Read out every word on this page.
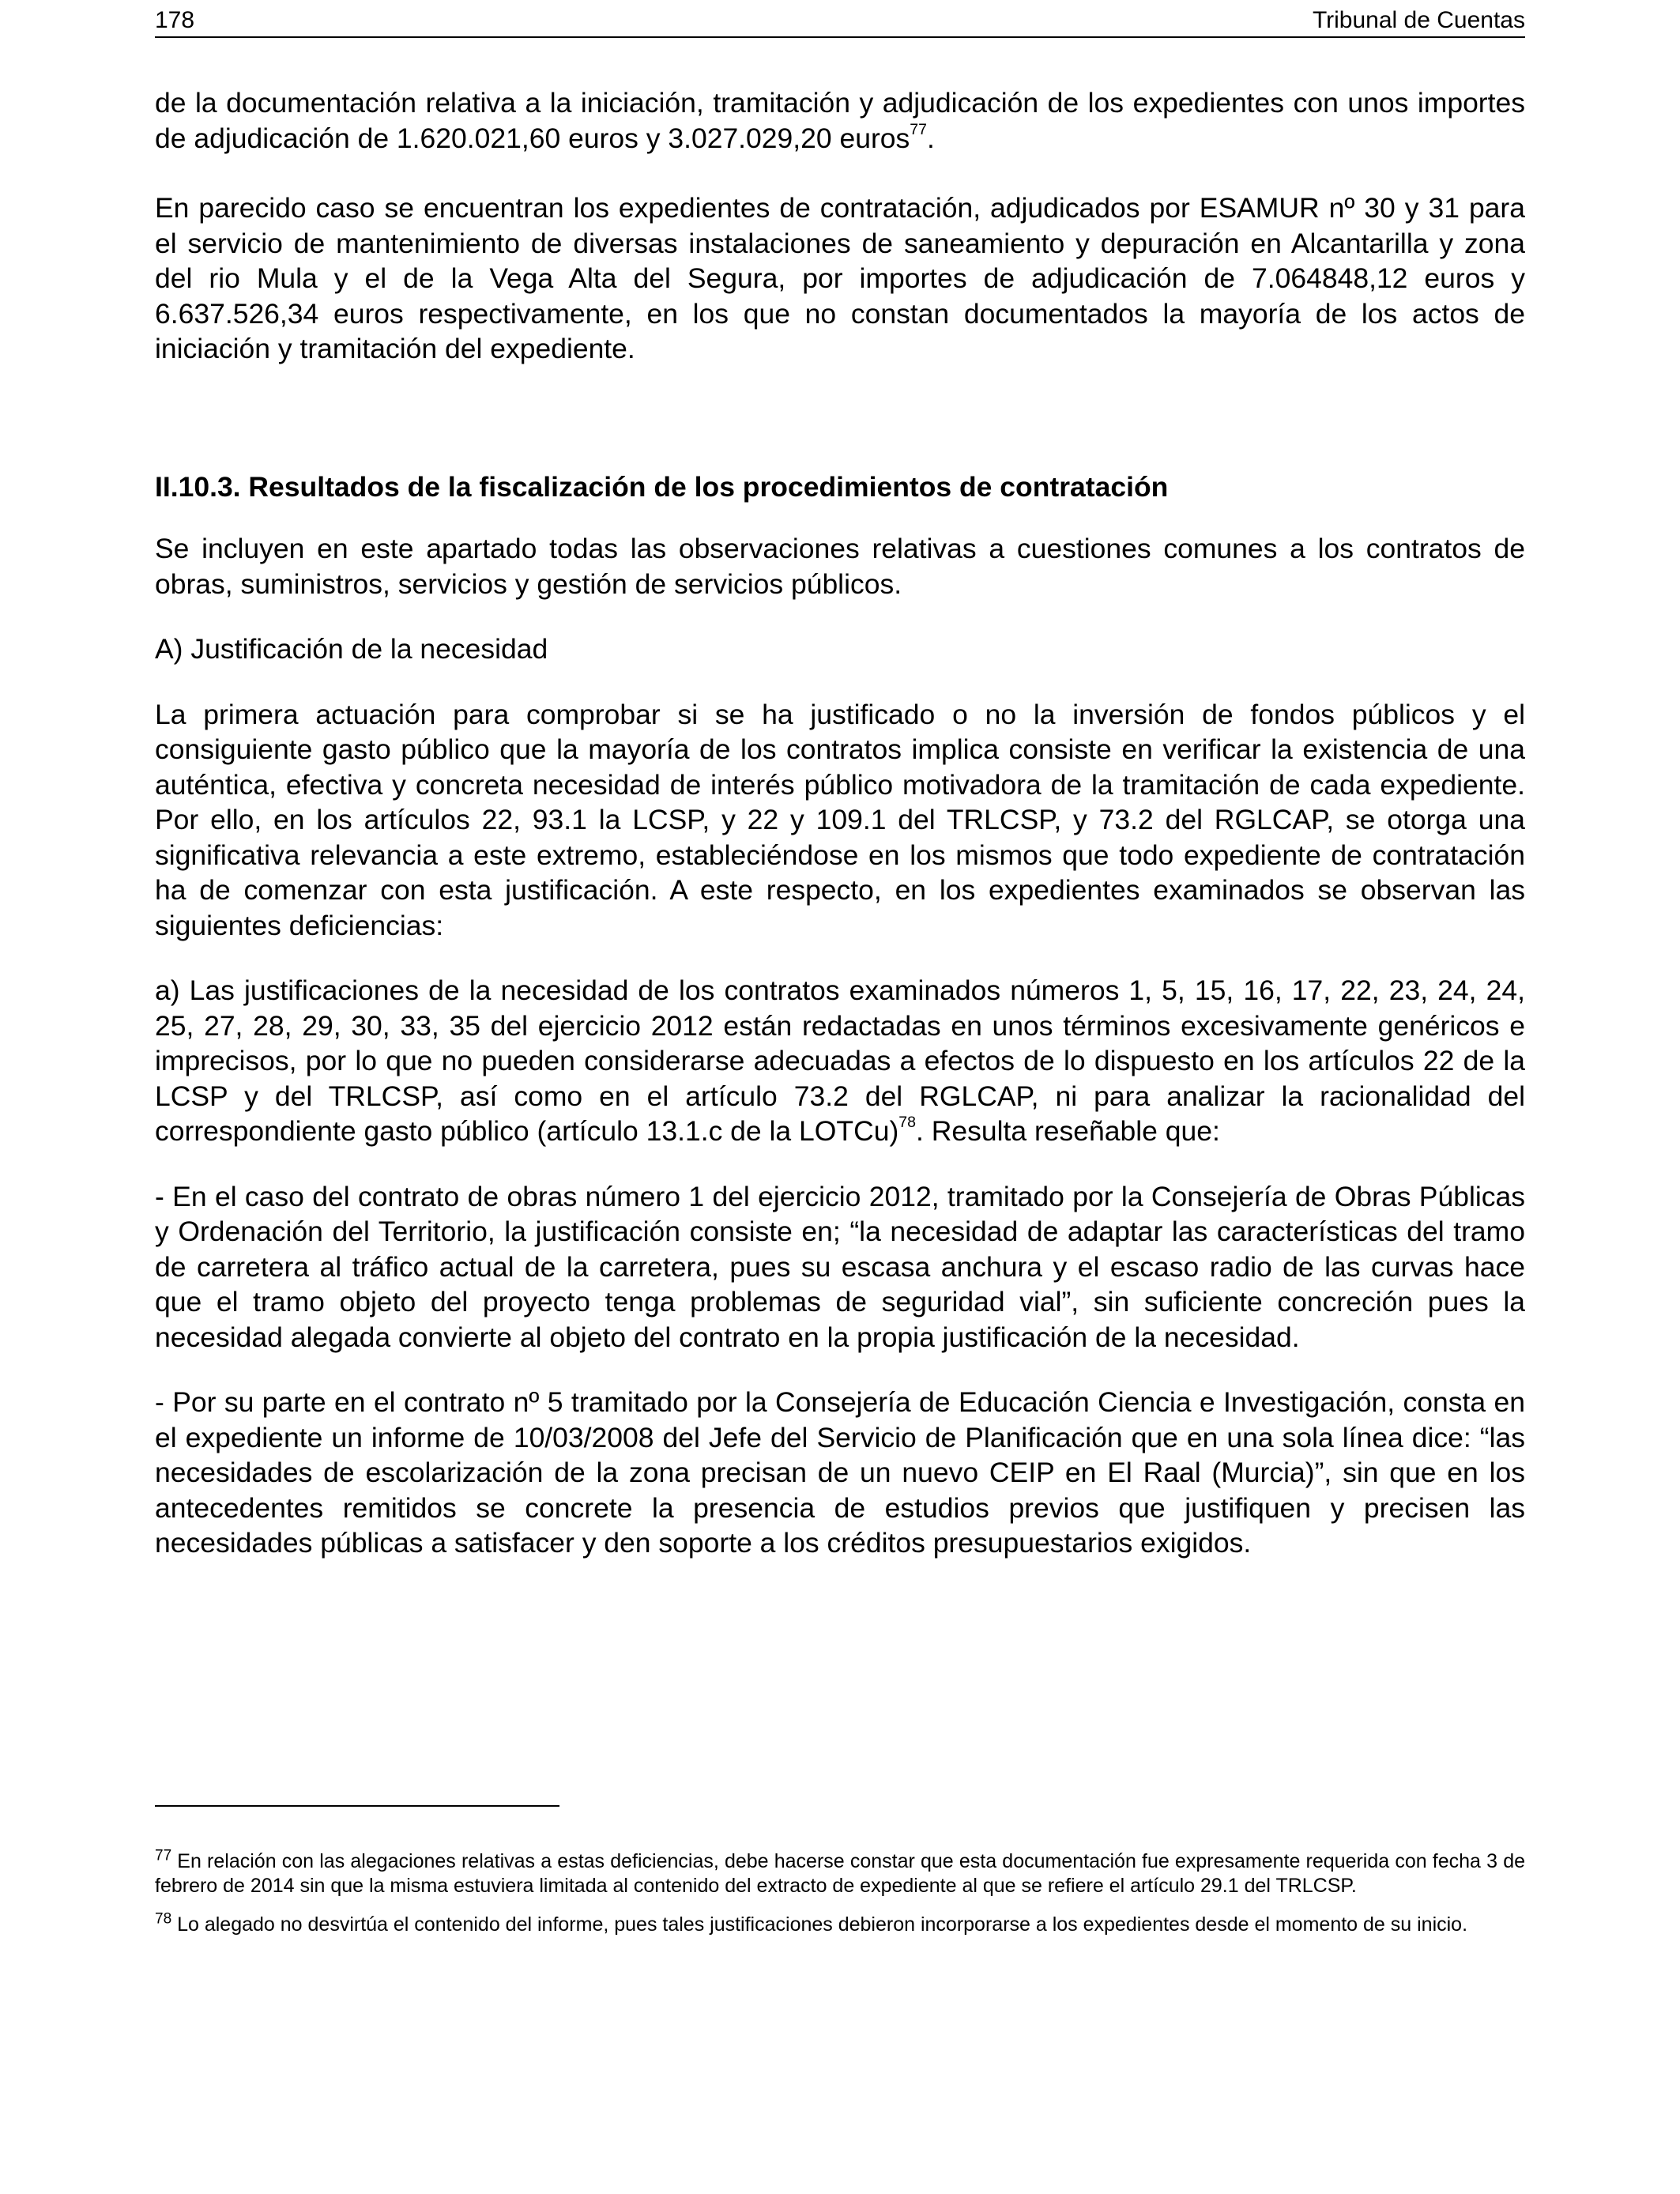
178	Tribunal de Cuentas

de la documentación relativa a la iniciación, tramitación y adjudicación de los expedientes con unos importes de adjudicación de 1.620.021,60 euros y 3.027.029,20 euros$^{77}$.

En parecido caso se encuentran los expedientes de contratación, adjudicados por ESAMUR nº 30 y 31 para el servicio de mantenimiento de diversas instalaciones de saneamiento y depuración en Alcantarilla y zona del rio Mula y el de la Vega Alta del Segura, por importes de adjudicación de 7.064848,12 euros y 6.637.526,34 euros respectivamente, en los que no constan documentados la mayoría de los actos de iniciación y tramitación del expediente.

II.10.3. Resultados de la fiscalización de los procedimientos de contratación

Se incluyen en este apartado todas las observaciones relativas a cuestiones comunes a los contratos de obras, suministros, servicios y gestión de servicios públicos.

A) Justificación de la necesidad

La primera actuación para comprobar si se ha justificado o no la inversión de fondos públicos y el consiguiente gasto público que la mayoría de los contratos implica consiste en verificar la existencia de una auténtica, efectiva y concreta necesidad de interés público motivadora de la tramitación de cada expediente. Por ello, en los artículos 22, 93.1 la LCSP, y 22 y 109.1 del TRLCSP, y 73.2 del RGLCAP, se otorga una significativa relevancia a este extremo, estableciéndose en los mismos que todo expediente de contratación ha de comenzar con esta justificación. A este respecto, en los expedientes examinados se observan las siguientes deficiencias:

a) Las justificaciones de la necesidad de los contratos examinados números 1, 5, 15, 16, 17, 22, 23, 24, 24, 25, 27, 28, 29, 30, 33, 35 del ejercicio 2012 están redactadas en unos términos excesivamente genéricos e imprecisos, por lo que no pueden considerarse adecuadas a efectos de lo dispuesto en los artículos 22 de la LCSP y del TRLCSP, así como en el artículo 73.2 del RGLCAP, ni para analizar la racionalidad del correspondiente gasto público (artículo 13.1.c de la LOTCu)$^{78}$. Resulta reseñable que:

- En el caso del contrato de obras número 1 del ejercicio 2012, tramitado por la Consejería de Obras Públicas y Ordenación del Territorio, la justificación consiste en; “la necesidad de adaptar las características del tramo de carretera al tráfico actual de la carretera, pues su escasa anchura y el escaso radio de las curvas hace que el tramo objeto del proyecto tenga problemas de seguridad vial”, sin suficiente concreción pues la necesidad alegada convierte al objeto del contrato en la propia justificación de la necesidad.

- Por su parte en el contrato nº 5 tramitado por la Consejería de Educación Ciencia e Investigación, consta en el expediente un informe de 10/03/2008 del Jefe del Servicio de Planificación que en una sola línea dice: “las necesidades de escolarización de la zona precisan de un nuevo CEIP en El Raal (Murcia)”, sin que en los antecedentes remitidos se concrete la presencia de estudios previos que justifiquen y precisen las necesidades públicas a satisfacer y den soporte a los créditos presupuestarios exigidos.

$^{77}$ En relación con las alegaciones relativas a estas deficiencias, debe hacerse constar que esta documentación fue expresamente requerida con fecha 3 de febrero de 2014 sin que la misma estuviera limitada al contenido del extracto de expediente al que se refiere el artículo 29.1 del TRLCSP.

$^{78}$ Lo alegado no desvirtúa el contenido del informe, pues tales justificaciones debieron incorporarse a los expedientes desde el momento de su inicio.
